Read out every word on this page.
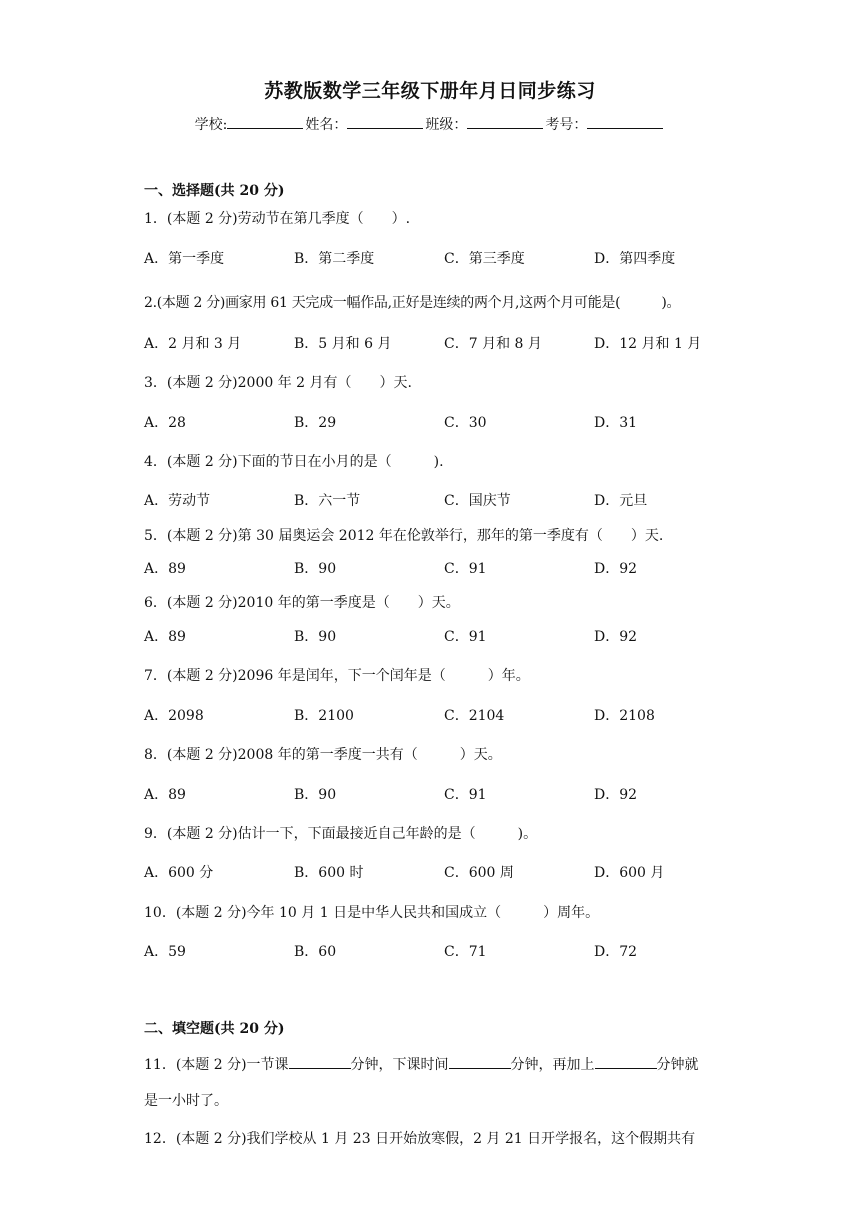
苏教版数学三年级下册年月日同步练习
学校:	姓名：	班级：	考号：
一、选择题(共 20 分)
1．(本题 2 分)劳动节在第几季度（　　）.
A．第一季度	B．第二季度	C．第三季度	D．第四季度
2.(本题 2 分)画家用 61 天完成一幅作品,正好是连续的两个月,这两个月可能是(　　　)。
A．2 月和 3 月	B．5 月和 6 月	C．7 月和 8 月	D．12 月和 1 月
3．(本题 2 分)2000 年 2 月有（　　）天.
A．28	B．29	C．30	D．31
4．(本题 2 分)下面的节日在小月的是（　　　).
A．劳动节	B．六一节	C．国庆节	D．元旦
5．(本题 2 分)第 30 届奥运会 2012 年在伦敦举行，那年的第一季度有（　　）天.
A．89	B．90	C．91	D．92
6．(本题 2 分)2010 年的第一季度是（　　）天。
A．89	B．90	C．91	D．92
7．(本题 2 分)2096 年是闰年，下一个闰年是（　　　）年。
A．2098	B．2100	C．2104	D．2108
8．(本题 2 分)2008 年的第一季度一共有（　　　）天。
A．89	B．90	C．91	D．92
9．(本题 2 分)估计一下，下面最接近自己年龄的是（　　　)。
A．600 分	B．600 时	C．600 周	D．600 月
10．(本题 2 分)今年 10 月 1 日是中华人民共和国成立（　　　）周年。
A．59	B．60	C．71	D．72
二、填空题(共 20 分)
11．(本题 2 分)一节课	分钟，下课时间	分钟，再加上	分钟就
是一小时了。
12．(本题 2 分)我们学校从 1 月 23 日开始放寒假，2 月 21 日开学报名，这个假期共有
